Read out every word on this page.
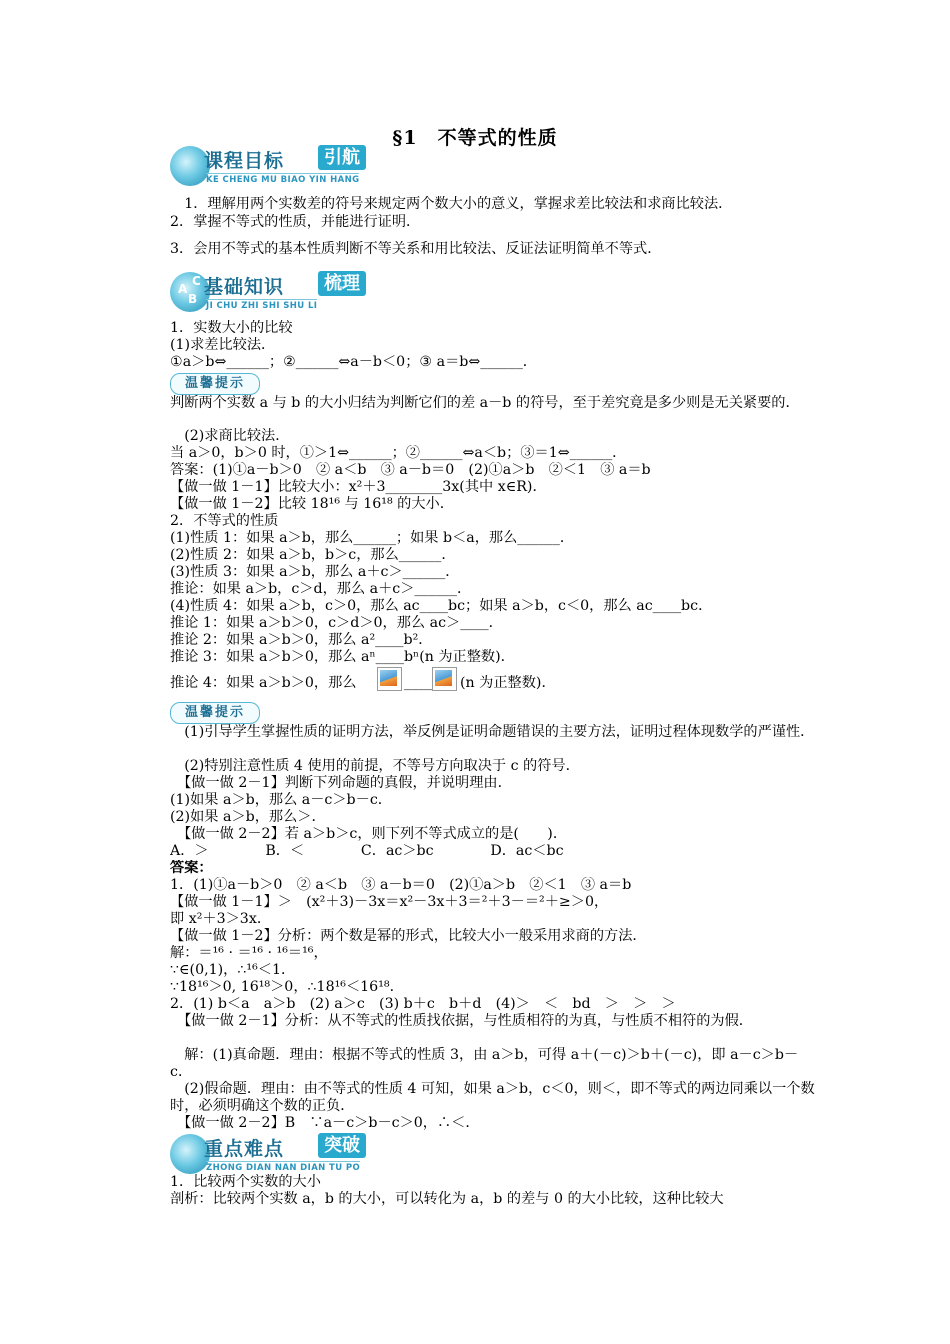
§1　不等式的性质
课程目标	引航
KE CHENG MU BIAO YIN HANG
　1．理解用两个实数差的符号来规定两个数大小的意义，掌握求差比较法和求商比较法．
2．掌握不等式的性质，并能进行证明．
3．会用不等式的基本性质判断不等关系和用比较法、反证法证明简单不等式．
A
B
C 基础知识	梳理
JI CHU ZHI SHI SHU LI
1．实数大小的比较
(1)求差比较法．
①a＞b⇔______；②______⇔a－b＜0；③ a＝b⇔______．
温馨提示
判断两个实数 a 与 b 的大小归结为判断它们的差 a－b 的符号，至于差究竟是多少则是无关紧要的．
　(2)求商比较法．
当 a＞0，b＞0 时，①＞1⇔______；②______⇔a＜b；③＝1⇔______．
答案：(1)①a－b＞0　② a＜b　③ a－b＝0　(2)①a＞b　②＜1　③ a＝b
【做一做 1－1】比较大小：x²＋3________3x(其中 x∈R)．
【做一做 1－2】比较 18¹⁶ 与 16¹⁸ 的大小．
2．不等式的性质
(1)性质 1：如果 a＞b，那么______；如果 b＜a，那么______．
(2)性质 2：如果 a＞b，b＞c，那么______．
(3)性质 3：如果 a＞b，那么 a＋c＞______．
推论：如果 a＞b，c＞d，那么 a＋c＞______．
(4)性质 4：如果 a＞b，c＞0，那么 ac____bc；如果 a＞b，c＜0，那么 ac____bc．
推论 1：如果 a＞b＞0，c＞d＞0，那么 ac＞____．
推论 2：如果 a＞b＞0，那么 a²____b²．
推论 3：如果 a＞b＞0，那么 aⁿ____bⁿ(n 为正整数)．
推论 4：如果 a＞b＞0，那么	____	(n 为正整数)．
温馨提示
　(1)引导学生掌握性质的证明方法，举反例是证明命题错误的主要方法，证明过程体现数学的严谨性．
　(2)特别注意性质 4 使用的前提，不等号方向取决于 c 的符号．
　【做一做 2－1】判断下列命题的真假，并说明理由．
(1)如果 a＞b，那么 a－c＞b－c．
(2)如果 a＞b，那么＞．
　【做一做 2－2】若 a＞b＞c，则下列不等式成立的是(　　)．
A．＞　　　　B．＜　　　　C．ac＞bc　　　　D．ac＜bc
答案：
1．(1)①a－b＞0　② a＜b　③ a－b＝0　(2)①a＞b　②＜1　③ a＝b
【做一做 1－1】＞　(x²＋3)－3x＝x²－3x＋3＝²＋3－＝²＋≥＞0，
即 x²＋3＞3x．
【做一做 1－2】分析：两个数是幂的形式，比较大小一般采用求商的方法．
解：＝¹⁶ · ＝¹⁶ · ¹⁶＝¹⁶，
∵∈(0,1)，∴¹⁶＜1．
∵18¹⁶＞0, 16¹⁸＞0，∴18¹⁶＜16¹⁸．
2．(1) b＜a　a＞b　(2) a＞c　(3) b＋c　b＋d　(4)＞　＜　bd　＞　＞　＞
　【做一做 2－1】分析：从不等式的性质找依据，与性质相符的为真，与性质不相符的为假．
　解：(1)真命题．理由：根据不等式的性质 3，由 a＞b，可得 a＋(－c)＞b＋(－c)，即 a－c＞b－c．
　(2)假命题．理由：由不等式的性质 4 可知，如果 a＞b，c＜0，则＜，即不等式的两边同乘以一个数时，必须明确这个数的正负．
　【做一做 2－2】B　∵a－c＞b－c＞0，∴＜．
重点难点	突破
ZHONG DIAN NAN DIAN TU PO
1．比较两个实数的大小
剖析：比较两个实数 a，b 的大小，可以转化为 a，b 的差与 0 的大小比较，这种比较大
